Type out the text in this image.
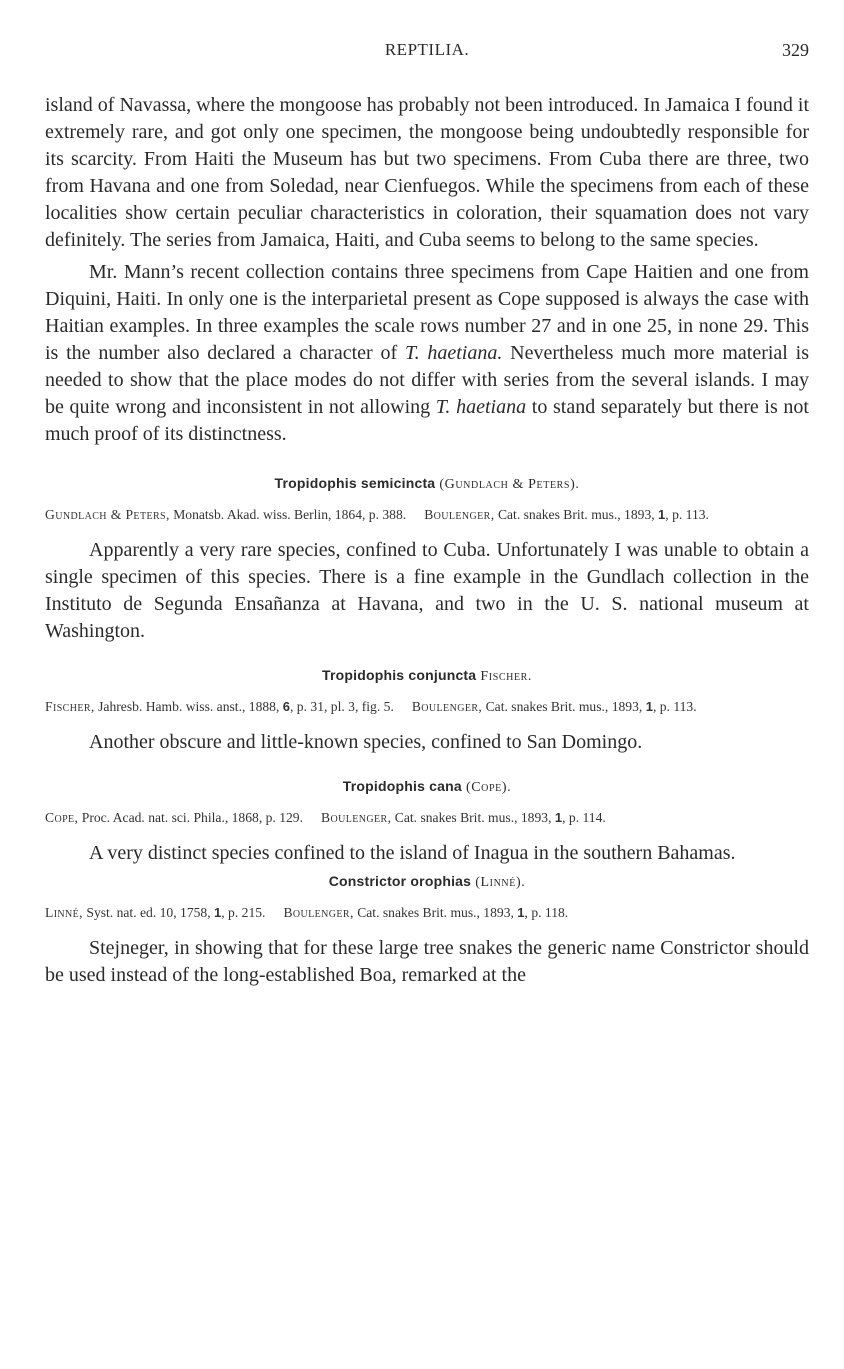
REPTILIA.	329

island of Navassa, where the mongoose has probably not been introduced. In Jamaica I found it extremely rare, and got only one specimen, the mongoose being undoubtedly responsible for its scarcity. From Haiti the Museum has but two specimens. From Cuba there are three, two from Havana and one from Soledad, near Cienfuegos. While the specimens from each of these localities show certain peculiar characteristics in coloration, their squamation does not vary definitely. The series from Jamaica, Haiti, and Cuba seems to belong to the same species.

Mr. Mann’s recent collection contains three specimens from Cape Haitien and one from Diquini, Haiti. In only one is the interparietal present as Cope supposed is always the case with Haitian examples. In three examples the scale rows number 27 and in one 25, in none 29. This is the number also declared a character of T. haetiana. Nevertheless much more material is needed to show that the place modes do not differ with series from the several islands. I may be quite wrong and inconsistent in not allowing T. haetiana to stand separately but there is not much proof of its distinctness.

Tropidophis semicincta (Gundlach & Peters).

Gundlach & Peters, Monatsb. Akad. wiss. Berlin, 1864, p. 388. Boulenger, Cat. snakes Brit. mus., 1893, 1, p. 113.

Apparently a very rare species, confined to Cuba. Unfortunately I was unable to obtain a single specimen of this species. There is a fine example in the Gundlach collection in the Instituto de Segunda Ensañanza at Havana, and two in the U. S. national museum at Washington.

Tropidophis conjuncta Fischer.

Fischer, Jahresb. Hamb. wiss. anst., 1888, 6, p. 31, pl. 3, fig. 5. Boulenger, Cat. snakes Brit. mus., 1893, 1, p. 113.

Another obscure and little-known species, confined to San Domingo.

Tropidophis cana (Cope).

Cope, Proc. Acad. nat. sci. Phila., 1868, p. 129. Boulenger, Cat. snakes Brit. mus., 1893, 1, p. 114.

A very distinct species confined to the island of Inagua in the southern Bahamas.

Constrictor orophias (Linné).

Linné, Syst. nat. ed. 10, 1758, 1, p. 215. Boulenger, Cat. snakes Brit. mus., 1893, 1, p. 118.

Stejneger, in showing that for these large tree snakes the generic name Constrictor should be used instead of the long-established Boa, remarked at the
